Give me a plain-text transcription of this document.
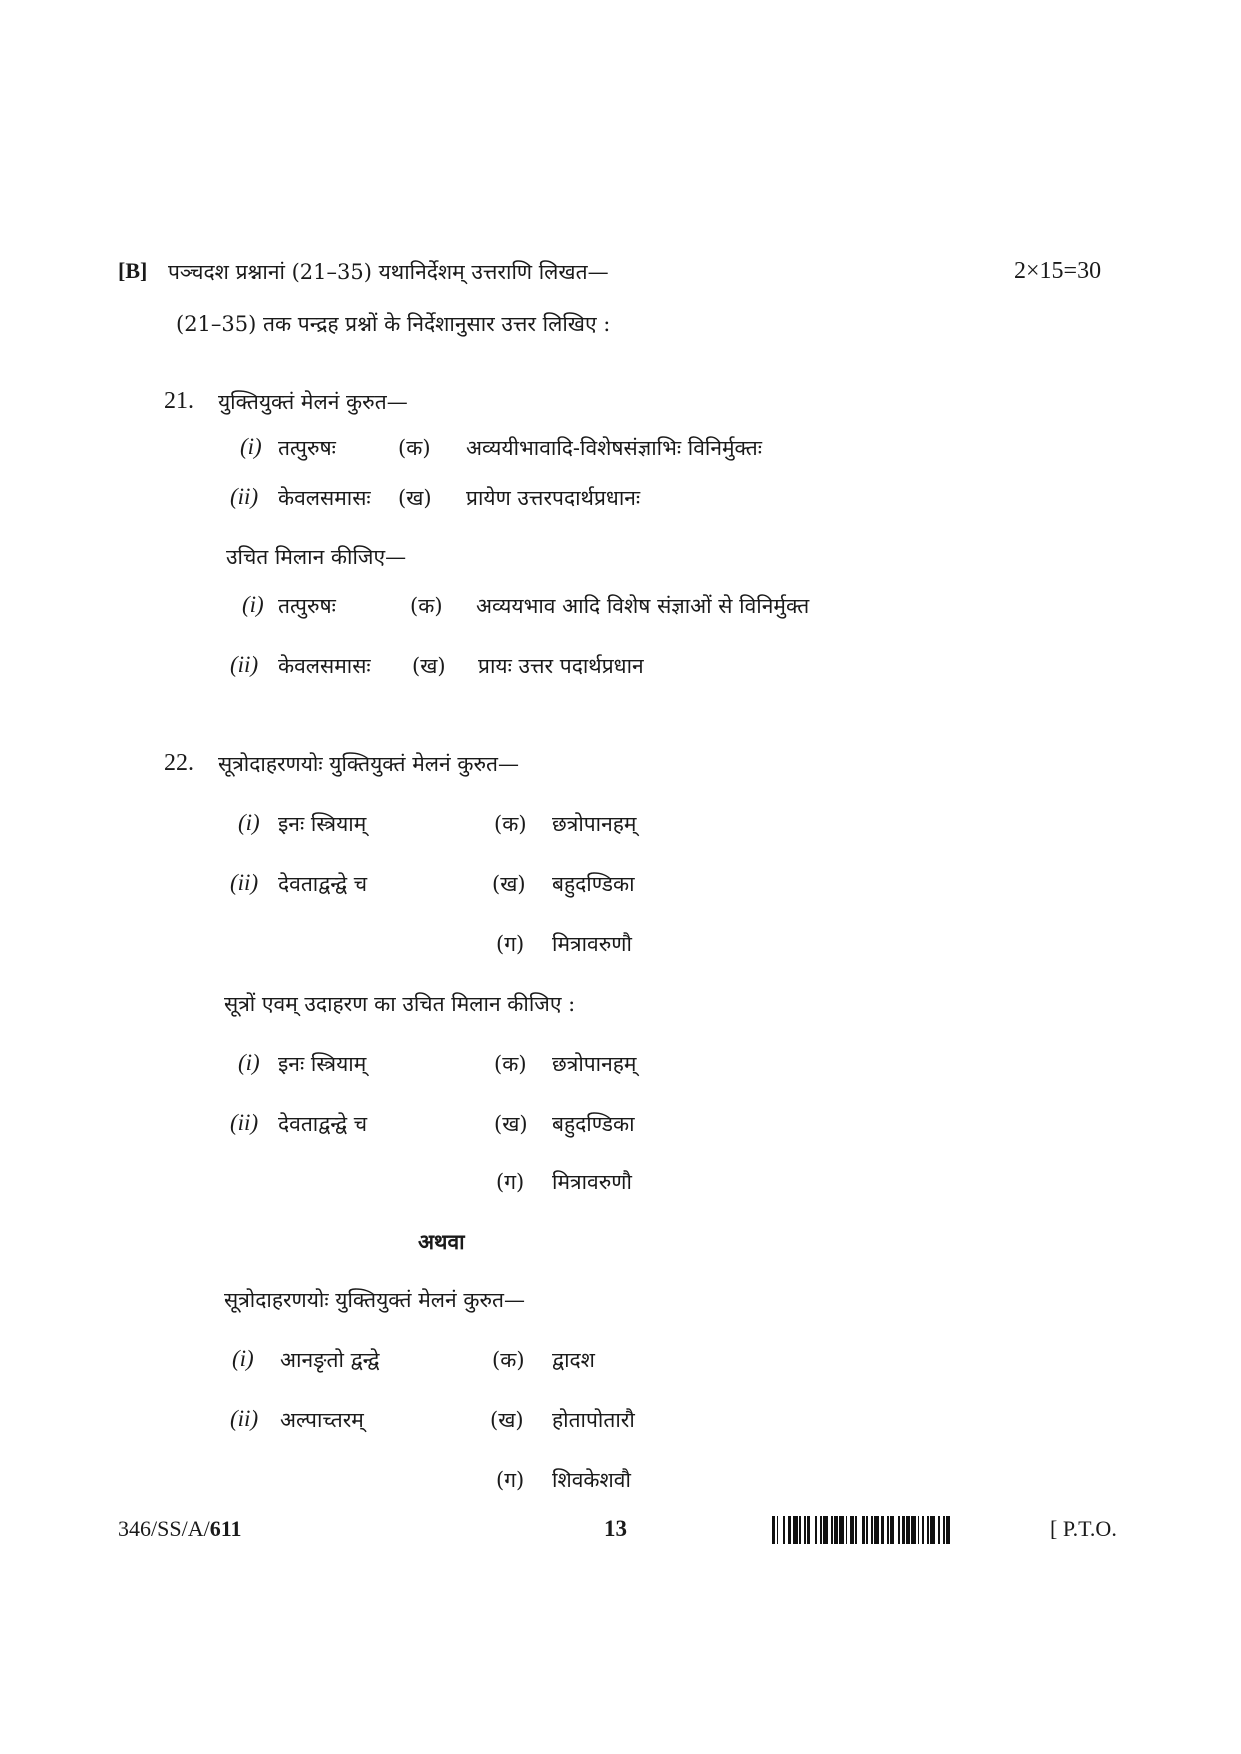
[B] पञ्चदश प्रश्नानां (21–35) यथानिर्देशम् उत्तराणि लिखत—	2×15=30
(21–35) तक पन्द्रह प्रश्नों के निर्देशानुसार उत्तर लिखिए :
21. युक्तियुक्तं मेलनं कुरुत—
(i) तत्पुरुषः	(क) अव्ययीभावादि-विशेषसंज्ञाभिः विनिर्मुक्तः
(ii) केवलसमासः (ख) प्रायेण उत्तरपदार्थप्रधानः
उचित मिलान कीजिए—
(i) तत्पुरुषः	(क) अव्ययभाव आदि विशेष संज्ञाओं से विनिर्मुक्त
(ii) केवलसमासः (ख) प्रायः उत्तर पदार्थप्रधान
22. सूत्रोदाहरणयोः युक्तियुक्तं मेलनं कुरुत—
(i) इनः स्त्रियाम्	(क) छत्रोपानहम्
(ii) देवताद्वन्द्वे च	(ख) बहुदण्डिका
(ग) मित्रावरुणौ
सूत्रों एवम् उदाहरण का उचित मिलान कीजिए :
(i) इनः स्त्रियाम्	(क) छत्रोपानहम्
(ii) देवताद्वन्द्वे च	(ख) बहुदण्डिका
(ग) मित्रावरुणौ
अथवा
सूत्रोदाहरणयोः युक्तियुक्तं मेलनं कुरुत—
(i) आनङृतो द्वन्द्वे	(क) द्वादश
(ii) अल्पाच्तरम्	(ख) होतापोतारौ
(ग) शिवकेशवौ
346/SS/A/611	13	[ P.T.O.
